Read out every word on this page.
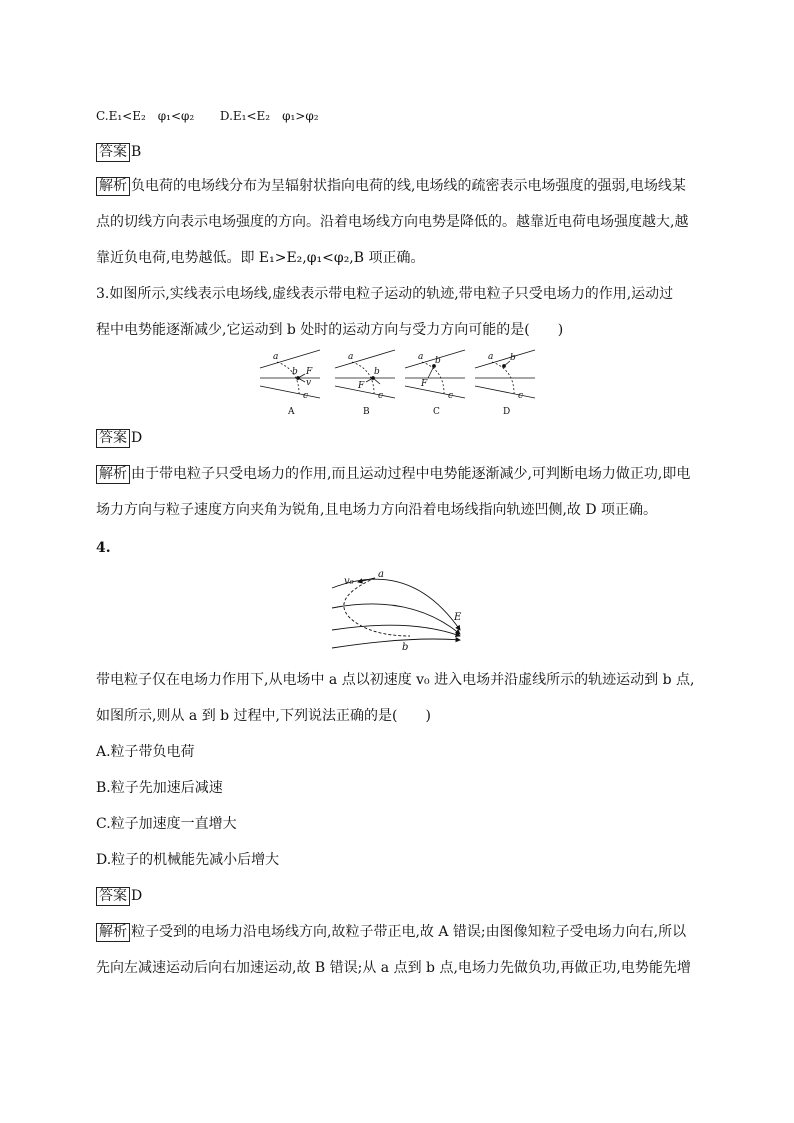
C.E₁<E₂　φ₁<φ₂ D.E₁<E₂　φ₁>φ₂
答案 B
解析 负电荷的电场线分布为呈辐射状指向电荷的线,电场线的疏密表示电场强度的强弱,电场线某
点的切线方向表示电场强度的方向。沿着电场线方向电势是降低的。越靠近电荷电场强度越大,越
靠近负电荷,电势越低。即 E₁>E₂,φ₁<φ₂,B 项正确。
3.如图所示,实线表示电场线,虚线表示带电粒子运动的轨迹,带电粒子只受电场力的作用,运动过
程中电势能逐渐减少,它运动到 b 处时的运动方向与受力方向可能的是(　　)
a
b F
v
c
A
a
b
F
c
B
a b
F
c
C
a b
c
D
答案 D
解析 由于带电粒子只受电场力的作用,而且运动过程中电势能逐渐减少,可判断电场力做正功,即电
场力方向与粒子速度方向夹角为锐角,且电场力方向沿着电场线指向轨迹凹侧,故 D 项正确。
4.
a
v₀
E
b
带电粒子仅在电场力作用下,从电场中 a 点以初速度 v₀ 进入电场并沿虚线所示的轨迹运动到 b 点,
如图所示,则从 a 到 b 过程中,下列说法正确的是(　　)
A.粒子带负电荷
B.粒子先加速后减速
C.粒子加速度一直增大
D.粒子的机械能先减小后增大
答案 D
解析 粒子受到的电场力沿电场线方向,故粒子带正电,故 A 错误;由图像知粒子受电场力向右,所以
先向左减速运动后向右加速运动,故 B 错误;从 a 点到 b 点,电场力先做负功,再做正功,电势能先增
